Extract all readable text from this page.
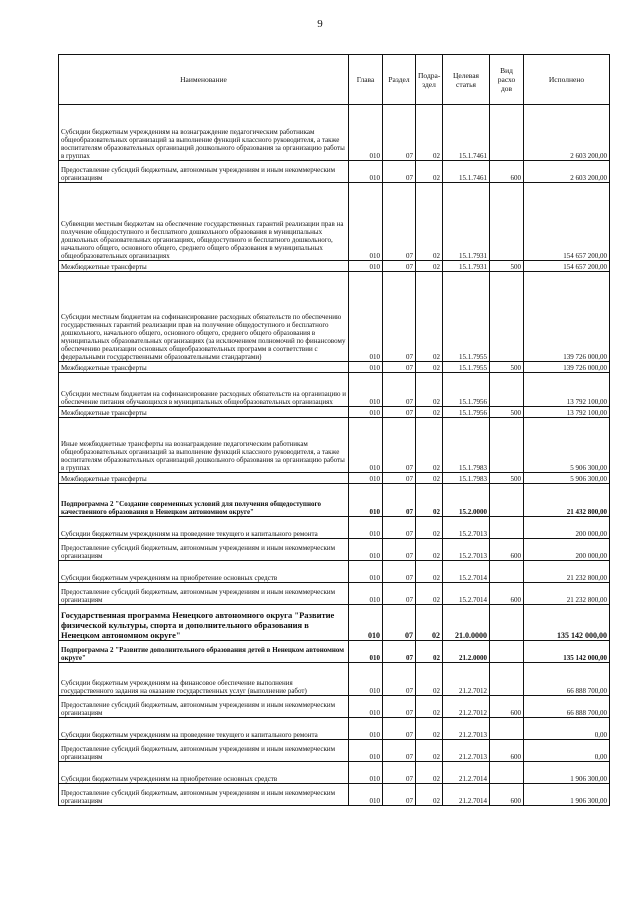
9
Наименование	Глава	Раздел	Подраздел	Целевая статья	Вид расхо дов	Исполнено
Субсидии бюджетным учреждениям на вознаграждение педагогическим работникам общеобразовательных организаций за выполнение функций классного руководителя, а также воспитателям образовательных организаций дошкольного образования за организацию работы в группах	010	07	02	15.1.7461		2 603 200,00
Предоставление субсидий бюджетным, автономным учреждениям и иным некоммерческим организациям	010	07	02	15.1.7461	600	2 603 200,00
Субвенции местным бюджетам на обеспечение государственных гарантий реализации прав на получение общедоступного и бесплатного дошкольного образования в муниципальных дошкольных образовательных организациях, общедоступного и бесплатного дошкольного, начального общего, основного общего, среднего общего образования в муниципальных общеобразовательных организациях	010	07	02	15.1.7931		154 657 200,00
Межбюджетные трансферты	010	07	02	15.1.7931	500	154 657 200,00
Субсидии местным бюджетам на софинансирование расходных обязательств по обеспечению государственных гарантий реализации прав на получение общедоступного и бесплатного дошкольного, начального общего, основного общего, среднего общего образования в муниципальных образовательных организациях (за исключением полномочий по финансовому обеспечению реализации основных общеобразовательных программ в соответствии с федеральными государственными образовательными стандартами)	010	07	02	15.1.7955		139 726 000,00
Межбюджетные трансферты	010	07	02	15.1.7955	500	139 726 000,00
Субсидии местным бюджетам на софинансирование расходных обязательств на организацию и обеспечение питания обучающихся в муниципальных общеобразовательных организациях	010	07	02	15.1.7956		13 792 100,00
Межбюджетные трансферты	010	07	02	15.1.7956	500	13 792 100,00
Иные межбюджетные трансферты на вознаграждение педагогическим работникам общеобразовательных организаций за выполнение функций классного руководителя, а также воспитателям образовательных организаций дошкольного образования за организацию работы в группах	010	07	02	15.1.7983		5 906 300,00
Межбюджетные трансферты	010	07	02	15.1.7983	500	5 906 300,00
Подпрограмма 2 "Создание современных условий для получения общедоступного качественного образования в Ненецком автономном округе"	010	07	02	15.2.0000		21 432 800,00
Субсидии бюджетным учреждениям на проведение текущего и капитального ремонта	010	07	02	15.2.7013		200 000,00
Предоставление субсидий бюджетным, автономным учреждениям и иным некоммерческим организациям	010	07	02	15.2.7013	600	200 000,00
Субсидии бюджетным учреждениям на приобретение основных средств	010	07	02	15.2.7014		21 232 800,00
Предоставление субсидий бюджетным, автономным учреждениям и иным некоммерческим организациям	010	07	02	15.2.7014	600	21 232 800,00
Государственная программа Ненецкого автономного округа "Развитие физической культуры, спорта и дополнительного образования в Ненецком автономном округе"	010	07	02	21.0.0000		135 142 000,00
Подпрограмма 2 "Развитие дополнительного образования детей в Ненецком автономном округе"	010	07	02	21.2.0000		135 142 000,00
Субсидии бюджетным учреждениям на финансовое обеспечение выполнения государственного задания на оказание государственных услуг (выполнение работ)	010	07	02	21.2.7012		66 888 700,00
Предоставление субсидий бюджетным, автономным учреждениям и иным некоммерческим организациям	010	07	02	21.2.7012	600	66 888 700,00
Субсидии бюджетным учреждениям на проведение текущего и капитального ремонта	010	07	02	21.2.7013		0,00
Предоставление субсидий бюджетным, автономным учреждениям и иным некоммерческим организациям	010	07	02	21.2.7013	600	0,00
Субсидии бюджетным учреждениям на приобретение основных средств	010	07	02	21.2.7014		1 906 300,00
Предоставление субсидий бюджетным, автономным учреждениям и иным некоммерческим организациям	010	07	02	21.2.7014	600	1 906 300,00
